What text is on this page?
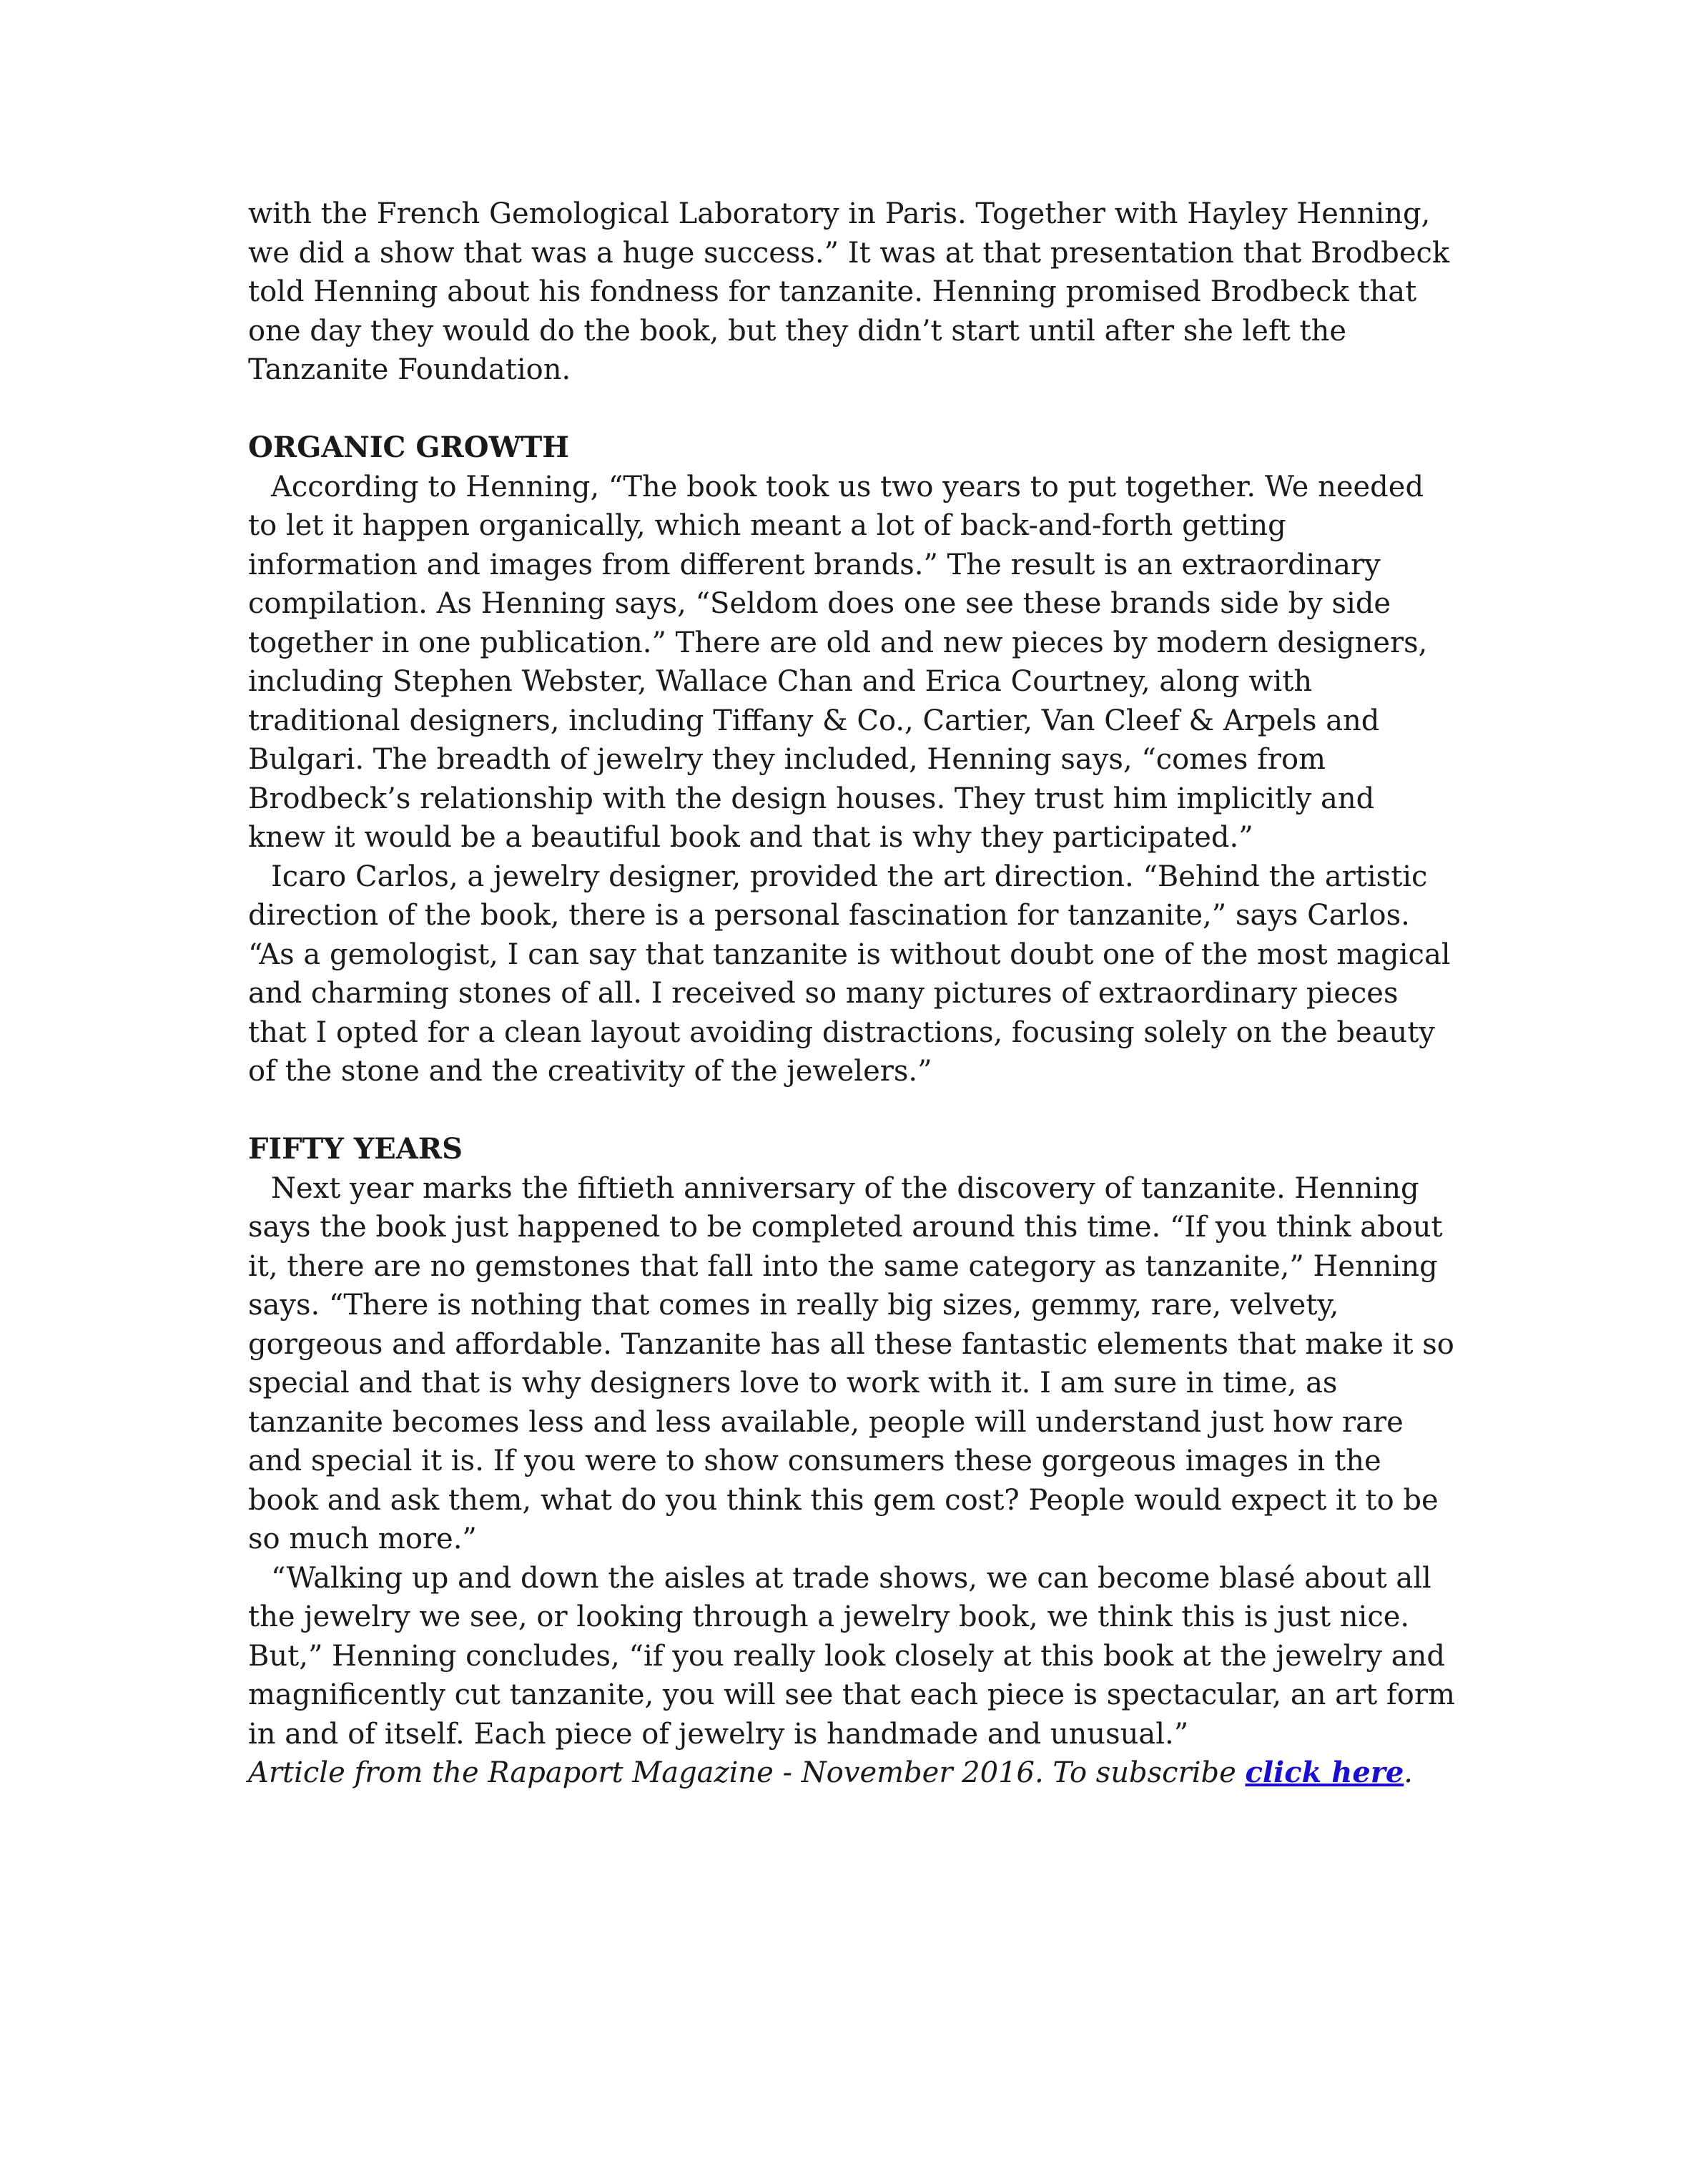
with the French Gemological Laboratory in Paris. Together with Hayley Henning, we did a show that was a huge success.” It was at that presentation that Brodbeck told Henning about his fondness for tanzanite. Henning promised Brodbeck that one day they would do the book, but they didn’t start until after she left the Tanzanite Foundation.

ORGANIC GROWTH

According to Henning, “The book took us two years to put together. We needed to let it happen organically, which meant a lot of back-and-forth getting information and images from different brands.” The result is an extraordinary compilation. As Henning says, “Seldom does one see these brands side by side together in one publication.” There are old and new pieces by modern designers, including Stephen Webster, Wallace Chan and Erica Courtney, along with traditional designers, including Tiffany & Co., Cartier, Van Cleef & Arpels and Bulgari. The breadth of jewelry they included, Henning says, “comes from Brodbeck’s relationship with the design houses. They trust him implicitly and knew it would be a beautiful book and that is why they participated.”

Icaro Carlos, a jewelry designer, provided the art direction. “Behind the artistic direction of the book, there is a personal fascination for tanzanite,” says Carlos. “As a gemologist, I can say that tanzanite is without doubt one of the most magical and charming stones of all. I received so many pictures of extraordinary pieces that I opted for a clean layout avoiding distractions, focusing solely on the beauty of the stone and the creativity of the jewelers.”

FIFTY YEARS

Next year marks the fiftieth anniversary of the discovery of tanzanite. Henning says the book just happened to be completed around this time. “If you think about it, there are no gemstones that fall into the same category as tanzanite,” Henning says. “There is nothing that comes in really big sizes, gemmy, rare, velvety, gorgeous and affordable. Tanzanite has all these fantastic elements that make it so special and that is why designers love to work with it. I am sure in time, as tanzanite becomes less and less available, people will understand just how rare and special it is. If you were to show consumers these gorgeous images in the book and ask them, what do you think this gem cost? People would expect it to be so much more.”

“Walking up and down the aisles at trade shows, we can become blasé about all the jewelry we see, or looking through a jewelry book, we think this is just nice. But,” Henning concludes, “if you really look closely at this book at the jewelry and magnificently cut tanzanite, you will see that each piece is spectacular, an art form in and of itself. Each piece of jewelry is handmade and unusual.”

Article from the Rapaport Magazine - November 2016. To subscribe click here.
